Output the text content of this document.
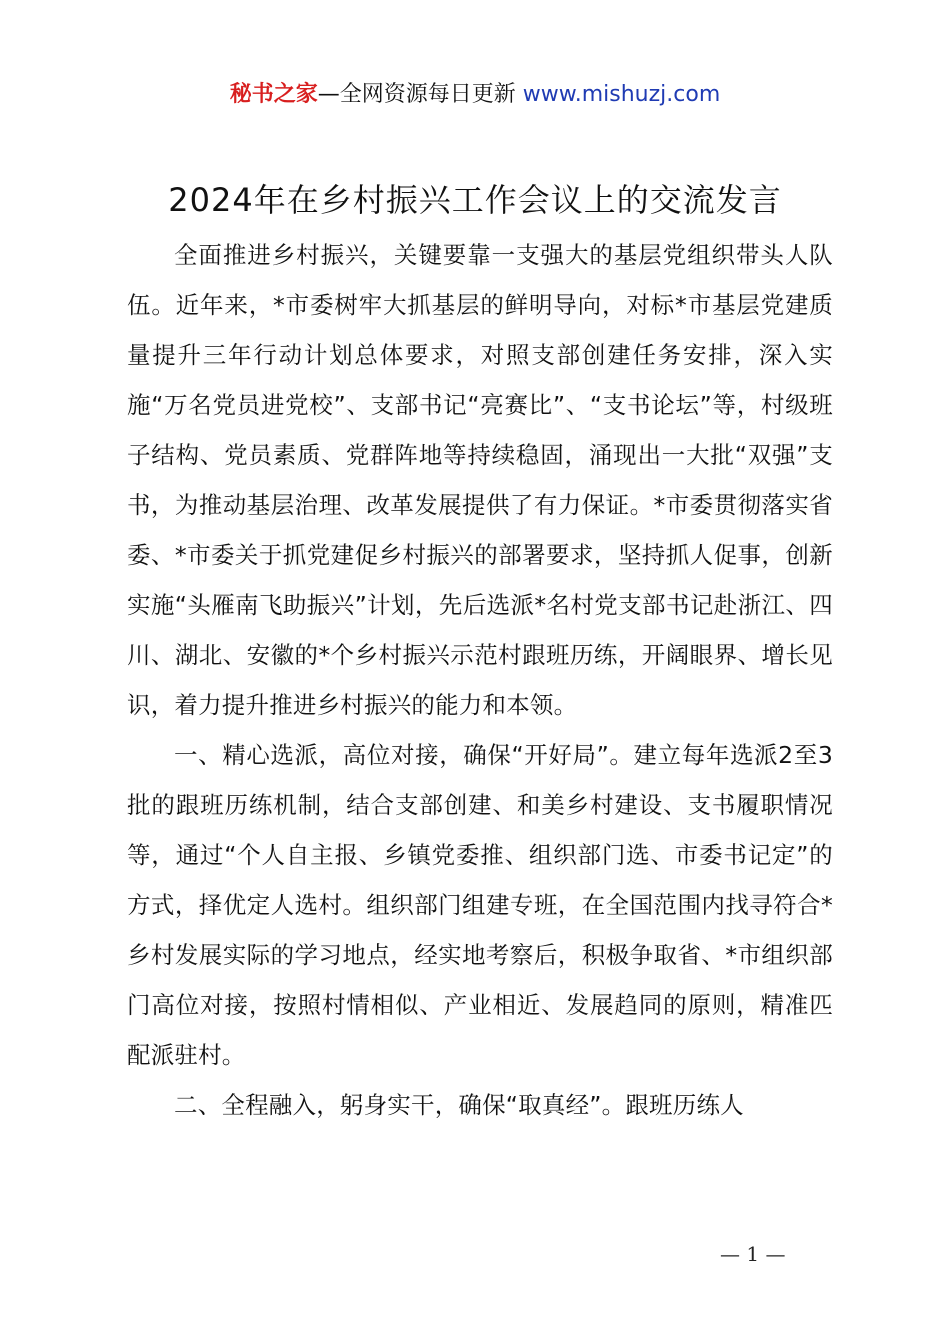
秘书之家—全网资源每日更新 www.mishuzj.com
2024年在乡村振兴工作会议上的交流发言

全面推进乡村振兴，关键要靠一支强大的基层党组织带头人队伍。近年来，*市委树牢大抓基层的鲜明导向，对标*市基层党建质量提升三年行动计划总体要求，对照支部创建任务安排，深入实施“万名党员进党校”、支部书记“亮赛比”、“支书论坛”等，村级班子结构、党员素质、党群阵地等持续稳固，涌现出一大批“双强”支书，为推动基层治理、改革发展提供了有力保证。*市委贯彻落实省委、*市委关于抓党建促乡村振兴的部署要求，坚持抓人促事，创新实施“头雁南飞助振兴”计划，先后选派*名村党支部书记赴浙江、四川、湖北、安徽的*个乡村振兴示范村跟班历练，开阔眼界、增长见识，着力提升推进乡村振兴的能力和本领。

一、精心选派，高位对接，确保“开好局”。建立每年选派2至3批的跟班历练机制，结合支部创建、和美乡村建设、支书履职情况等，通过“个人自主报、乡镇党委推、组织部门选、市委书记定”的方式，择优定人选村。组织部门组建专班，在全国范围内找寻符合*乡村发展实际的学习地点，经实地考察后，积极争取省、*市组织部门高位对接，按照村情相似、产业相近、发展趋同的原则，精准匹配派驻村。

二、全程融入，躬身实干，确保“取真经”。跟班历练人

— 1 —
